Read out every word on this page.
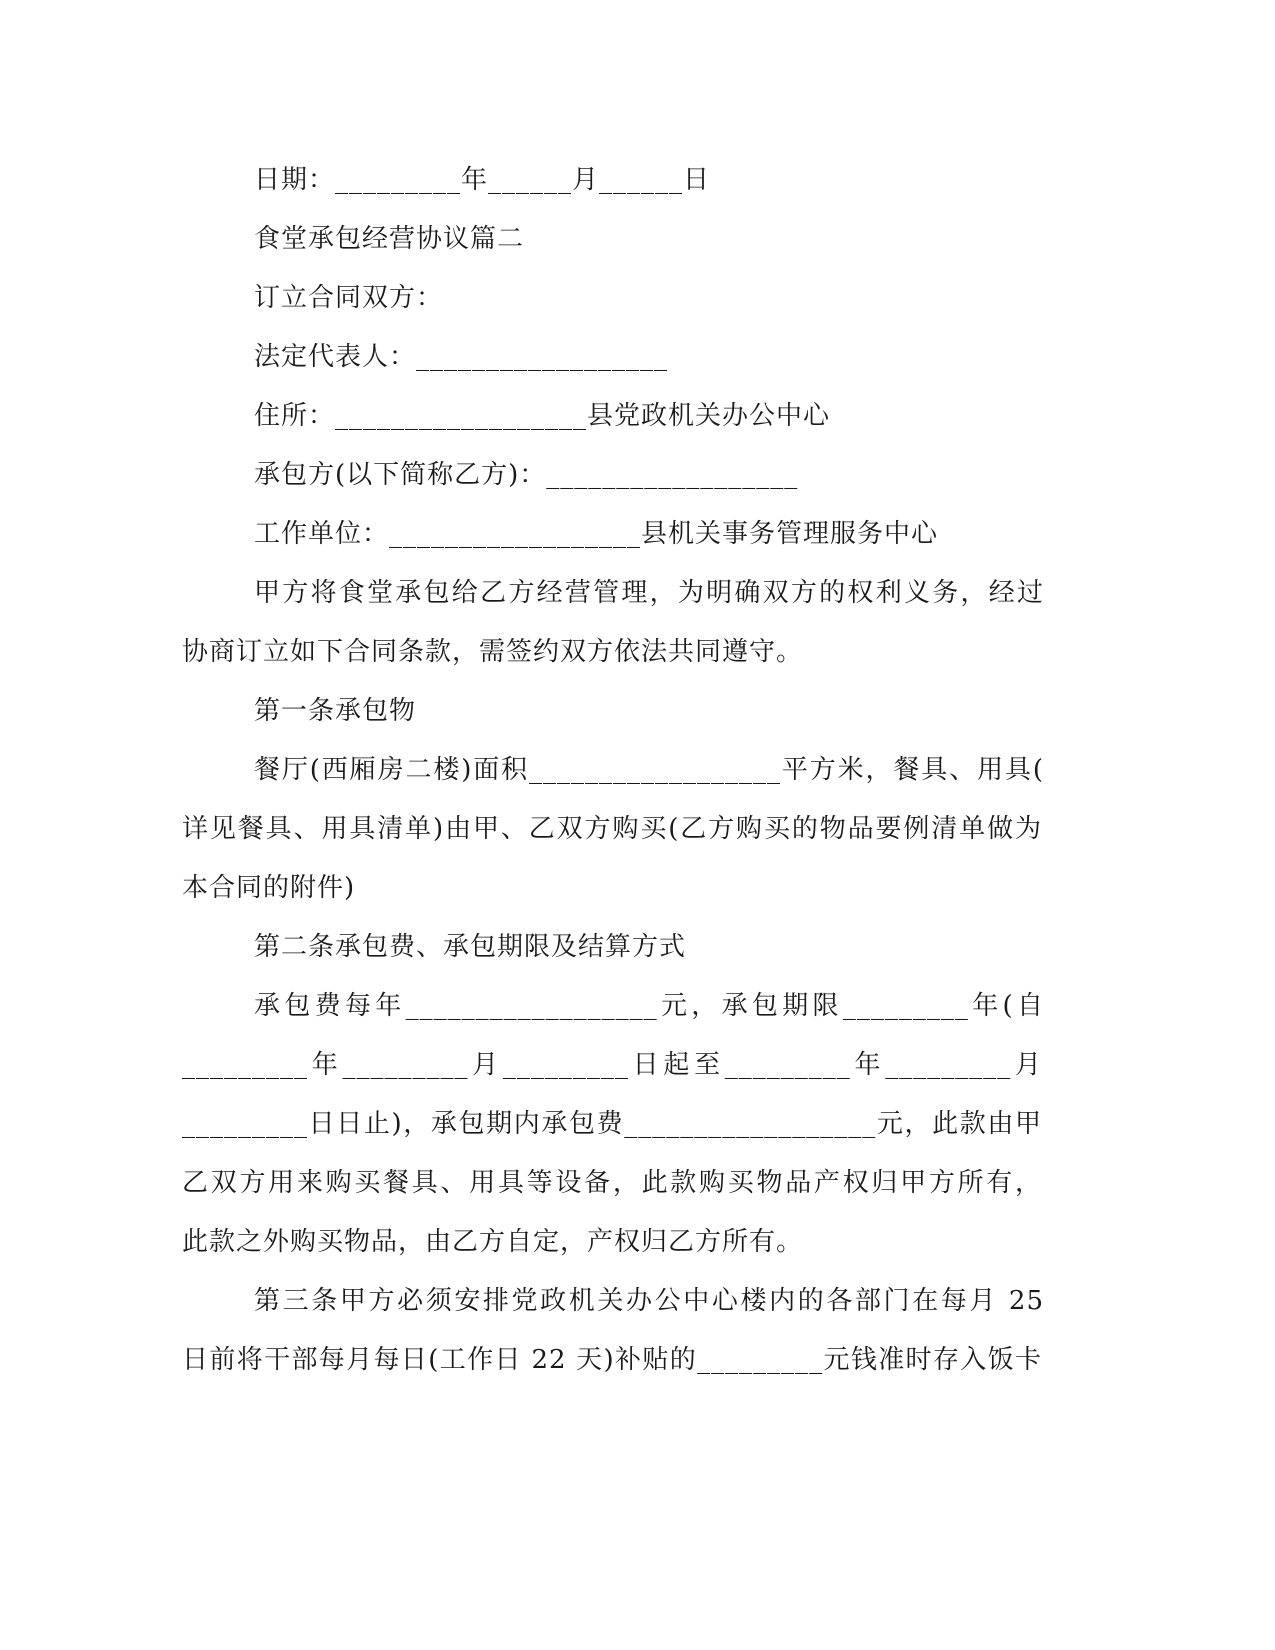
日期：_________年______月______日
食堂承包经营协议篇二
订立合同双方：
法定代表人：__________________
住所：__________________县党政机关办公中心
承包方(以下简称乙方)：__________________
工作单位：__________________县机关事务管理服务中心
甲方将食堂承包给乙方经营管理，为明确双方的权利义务，经过
协商订立如下合同条款，需签约双方依法共同遵守。
第一条承包物
餐厅(西厢房二楼)面积__________________平方米，餐具、用具(
详见餐具、用具清单)由甲、乙双方购买(乙方购买的物品要例清单做为
本合同的附件)
第二条承包费、承包期限及结算方式
承包费每年__________________元，承包期限_________年(自
_________年_________月_________日起至_________年_________月
_________日日止)，承包期内承包费__________________元，此款由甲
乙双方用来购买餐具、用具等设备，此款购买物品产权归甲方所有，
此款之外购买物品，由乙方自定，产权归乙方所有。
第三条甲方必须安排党政机关办公中心楼内的各部门在每月 25
日前将干部每月每日(工作日 22 天)补贴的_________元钱准时存入饭卡
